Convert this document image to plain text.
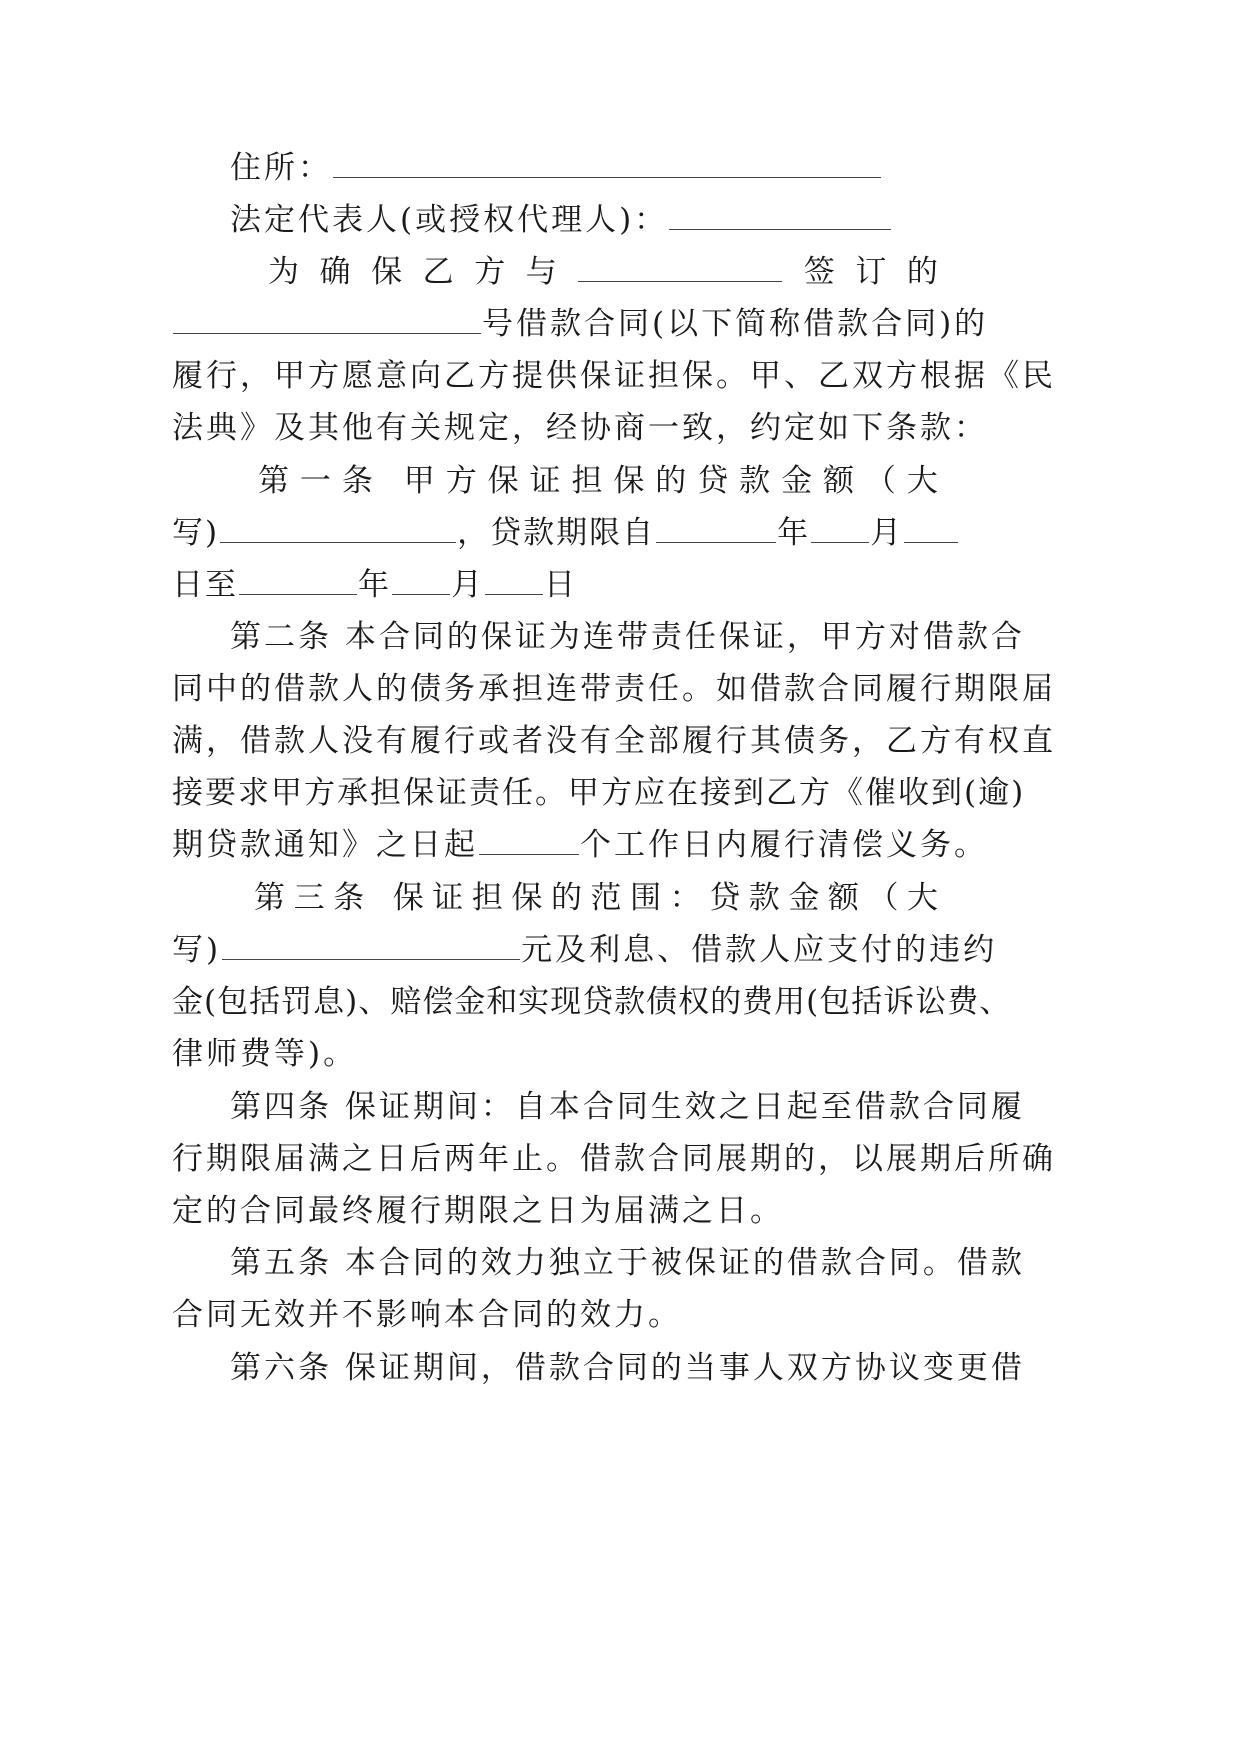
住所：
法定代表人(或授权代理人)：
为 确 保 乙 方 与	签 订 的
号借款合同(以下简称借款合同)的
履行，甲方愿意向乙方提供保证担保。甲、乙双方根据《民
法典》及其他有关规定，经协商一致，约定如下条款：
第 一 条 甲 方 保 证 担 保 的 贷 款 金 额 （ 大
写)	，贷款期限自	年 月
日至	年 月 日
第二条 本合同的保证为连带责任保证，甲方对借款合
同中的借款人的债务承担连带责任。如借款合同履行期限届
满，借款人没有履行或者没有全部履行其债务，乙方有权直
接要求甲方承担保证责任。甲方应在接到乙方《催收到(逾)
期贷款通知》之日起	个工作日内履行清偿义务。
第 三 条 保 证 担 保 的 范 围 ： 贷 款 金 额 （ 大
写)	元及利息、借款人应支付的违约
金(包括罚息)、赔偿金和实现贷款债权的费用(包括诉讼费、
律师费等)。
第四条 保证期间：自本合同生效之日起至借款合同履
行期限届满之日后两年止。借款合同展期的，以展期后所确
定的合同最终履行期限之日为届满之日。
第五条 本合同的效力独立于被保证的借款合同。借款
合同无效并不影响本合同的效力。
第六条 保证期间，借款合同的当事人双方协议变更借
